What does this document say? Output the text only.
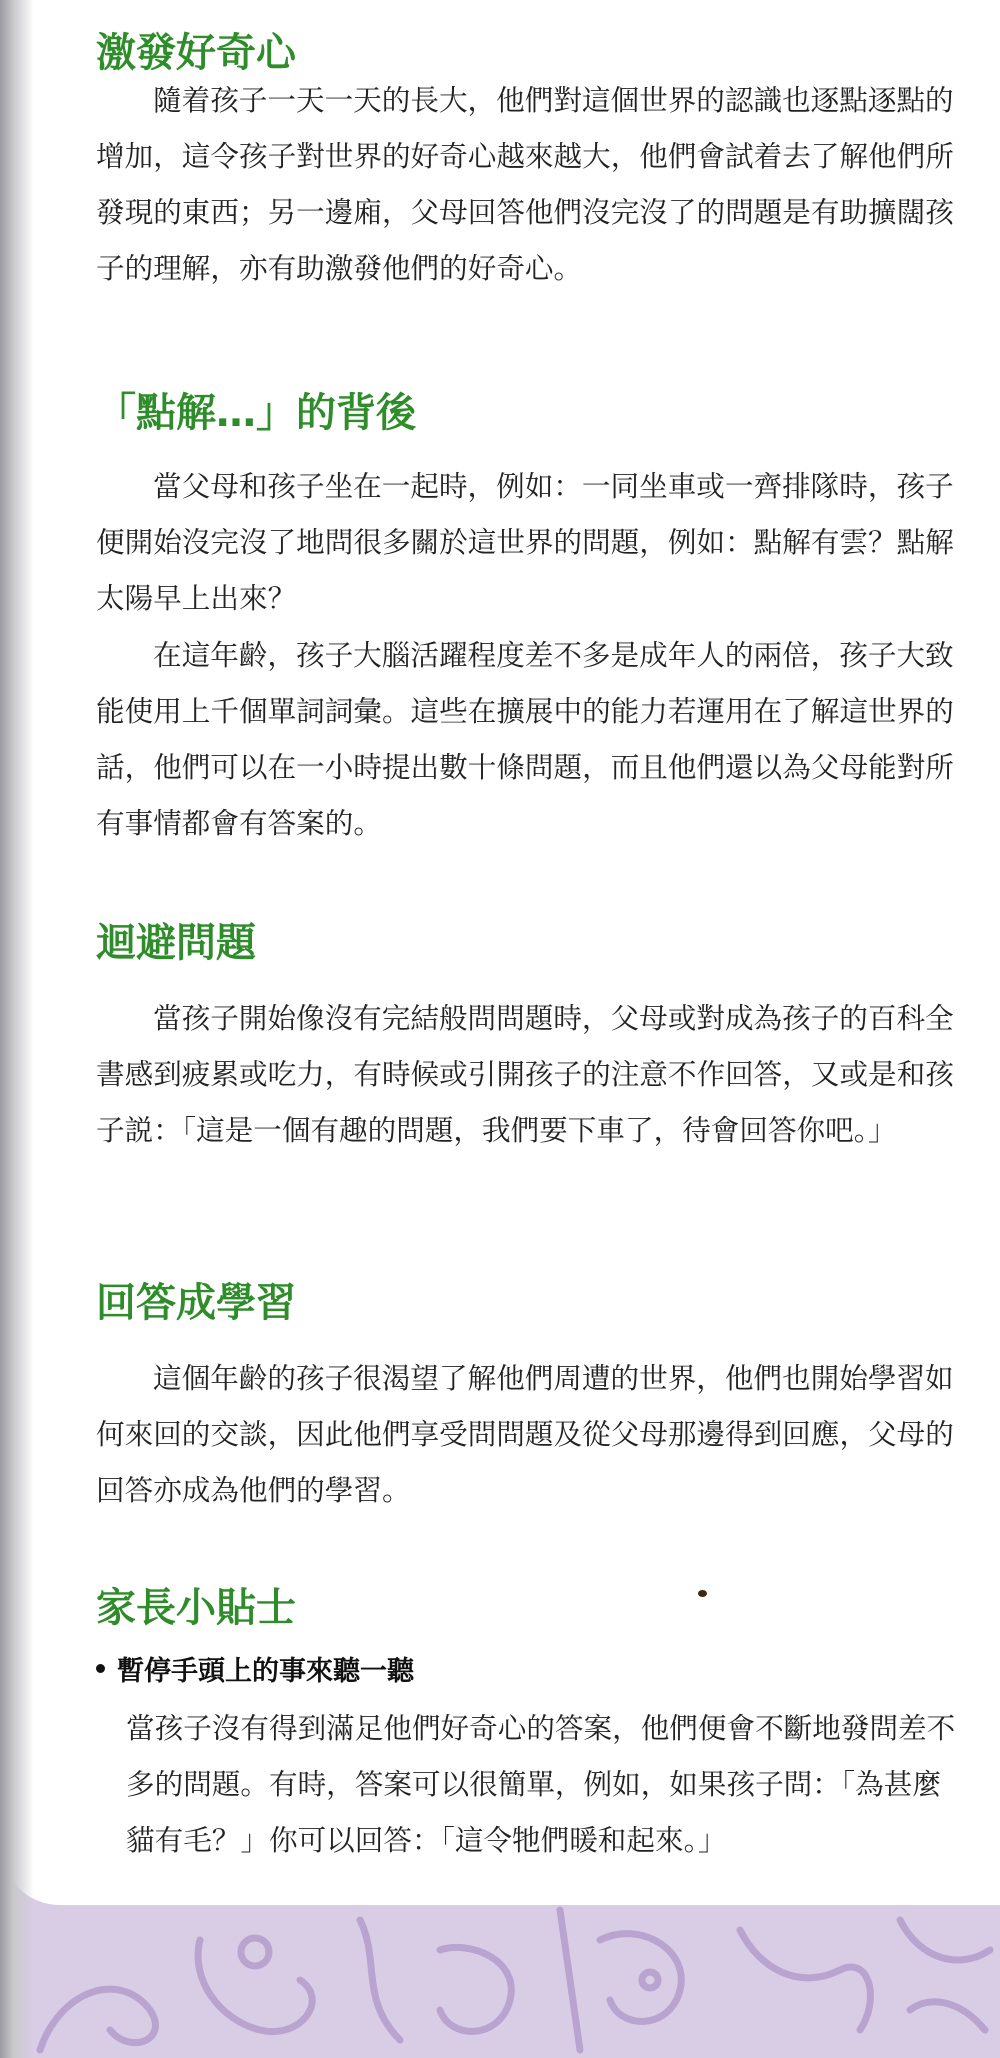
激發好奇心

隨着孩子一天一天的長大，他們對這個世界的認識也逐點逐點的增加，這令孩子對世界的好奇心越來越大，他們會試着去了解他們所發現的東西；另一邊廂，父母回答他們沒完沒了的問題是有助擴闊孩子的理解，亦有助激發他們的好奇心。

「點解…」的背後

當父母和孩子坐在一起時，例如：一同坐車或一齊排隊時，孩子便開始沒完沒了地問很多關於這世界的問題，例如：點解有雲？點解太陽早上出來？

在這年齡，孩子大腦活躍程度差不多是成年人的兩倍，孩子大致能使用上千個單詞詞彙。這些在擴展中的能力若運用在了解這世界的話，他們可以在一小時提出數十條問題，而且他們還以為父母能對所有事情都會有答案的。

迴避問題

當孩子開始像沒有完結般問問題時，父母或對成為孩子的百科全書感到疲累或吃力，有時候或引開孩子的注意不作回答，又或是和孩子説：「這是一個有趣的問題，我們要下車了，待會回答你吧。」

回答成學習

這個年齡的孩子很渴望了解他們周遭的世界，他們也開始學習如何來回的交談，因此他們享受問問題及從父母那邊得到回應，父母的回答亦成為他們的學習。

家長小貼士
暫停手頭上的事來聽一聽

當孩子沒有得到滿足他們好奇心的答案，他們便會不斷地發問差不多的問題。有時，答案可以很簡單，例如，如果孩子問：「為甚麼貓有毛？」你可以回答：「這令牠們暖和起來。」
